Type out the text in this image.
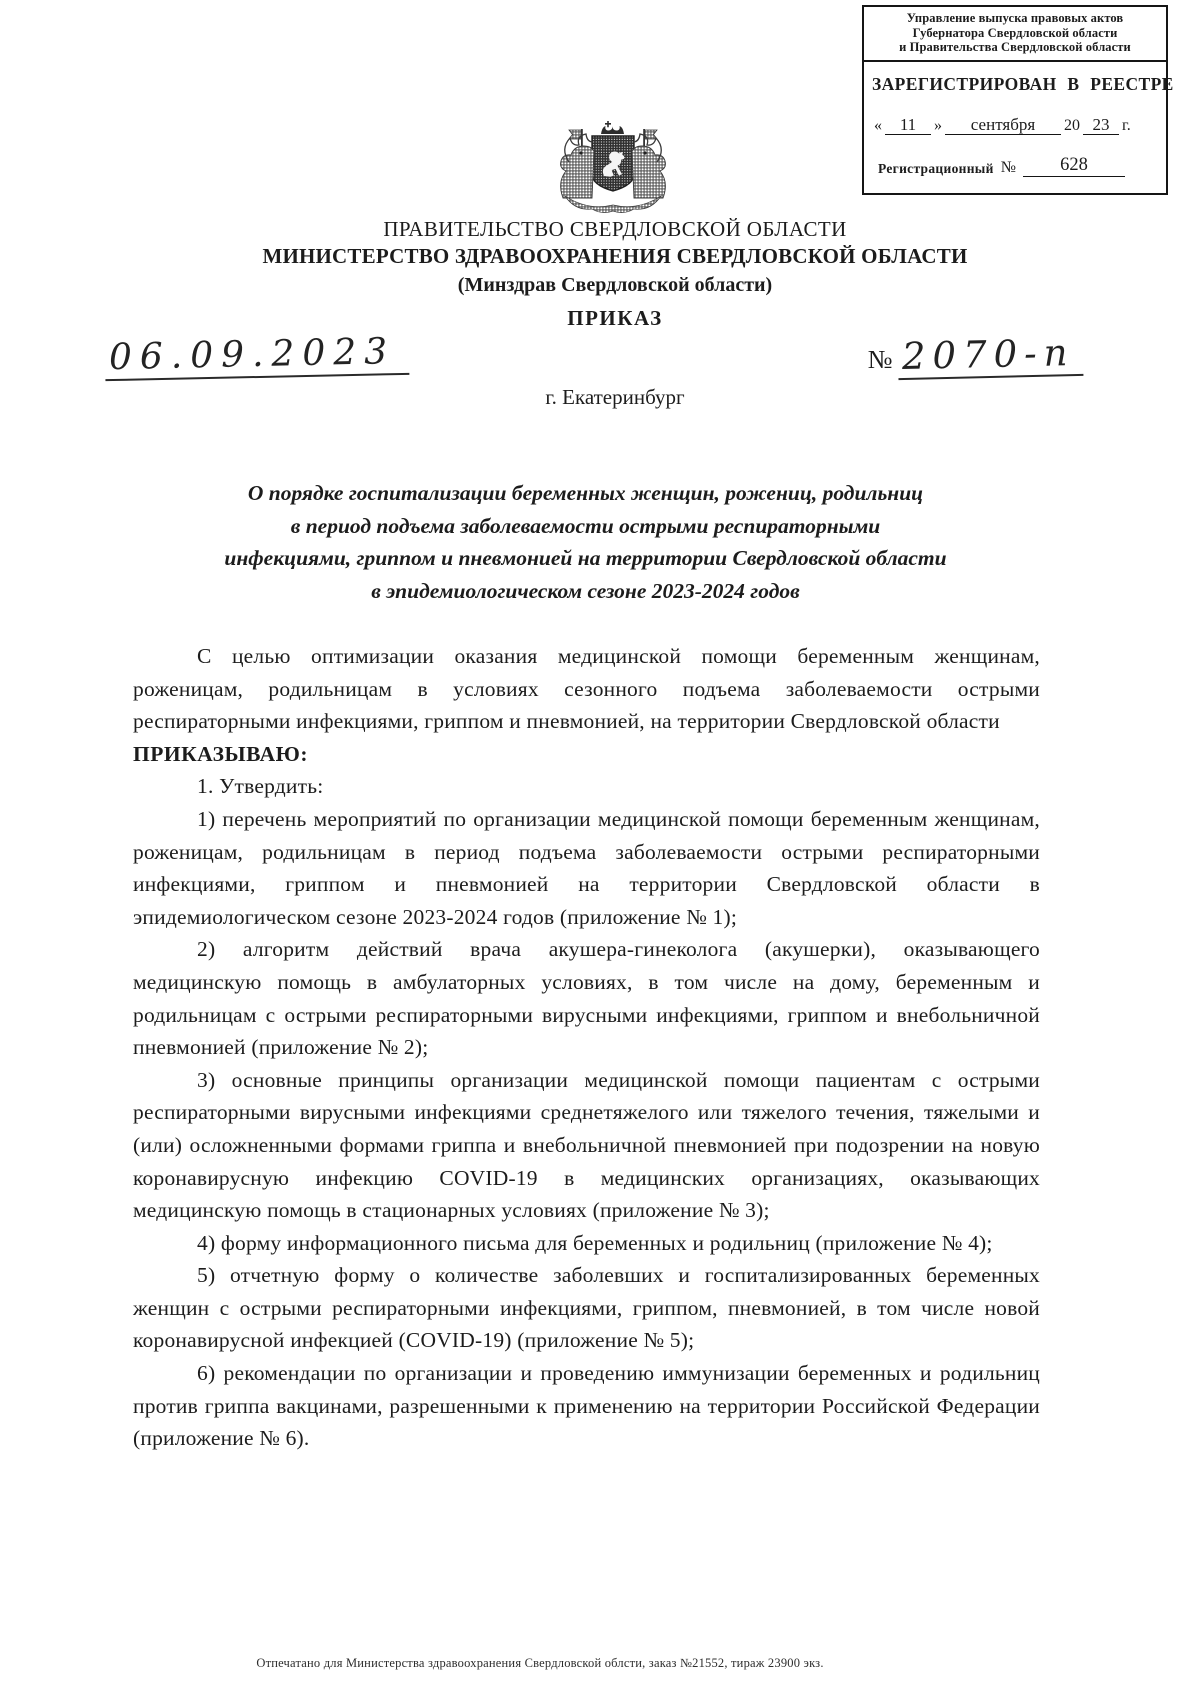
Управление выпуска правовых актов
Губернатора Свердловской области
и Правительства Свердловской области
ЗАРЕГИСТРИРОВАН В РЕЕСТРЕ
«	11	»	сентября	20 23 г.
Регистрационный №	628
ПРАВИТЕЛЬСТВО СВЕРДЛОВСКОЙ ОБЛАСТИ
МИНИСТЕРСТВО ЗДРАВООХРАНЕНИЯ СВЕРДЛОВСКОЙ ОБЛАСТИ
(Минздрав Свердловской области)
ПРИКАЗ
06.09.2023	№ 2070-п
г. Екатеринбург
О порядке госпитализации беременных женщин, рожениц, родильниц
в период подъема заболеваемости острыми респираторными
инфекциями, гриппом и пневмонией на территории Свердловской области
в эпидемиологическом сезоне 2023-2024 годов

С целью оптимизации оказания медицинской помощи беременным женщинам, роженицам, родильницам в условиях сезонного подъема заболеваемости острыми респираторными инфекциями, гриппом и пневмонией, на территории Свердловской области

ПРИКАЗЫВАЮ:

1. Утвердить:

1) перечень мероприятий по организации медицинской помощи беременным женщинам, роженицам, родильницам в период подъема заболеваемости острыми респираторными инфекциями, гриппом и пневмонией на территории Свердловской области в эпидемиологическом сезоне 2023-2024 годов (приложение № 1);

2) алгоритм действий врача акушера-гинеколога (акушерки), оказывающего медицинскую помощь в амбулаторных условиях, в том числе на дому, беременным и родильницам с острыми респираторными вирусными инфекциями, гриппом и внебольничной пневмонией (приложение № 2);

3) основные принципы организации медицинской помощи пациентам с острыми респираторными вирусными инфекциями среднетяжелого или тяжелого течения, тяжелыми и (или) осложненными формами гриппа и внебольничной пневмонией при подозрении на новую коронавирусную инфекцию COVID-19 в медицинских организациях, оказывающих медицинскую помощь в стационарных условиях (приложение № 3);

4) форму информационного письма для беременных и родильниц (приложение № 4);

5) отчетную форму о количестве заболевших и госпитализированных беременных женщин с острыми респираторными инфекциями, гриппом, пневмонией, в том числе новой коронавирусной инфекцией (COVID-19) (приложение № 5);

6) рекомендации по организации и проведению иммунизации беременных и родильниц против гриппа вакцинами, разрешенными к применению на территории Российской Федерации (приложение № 6).

Отпечатано для Министерства здравоохранения Свердловской облсти, заказ №21552, тираж 23900 экз.
